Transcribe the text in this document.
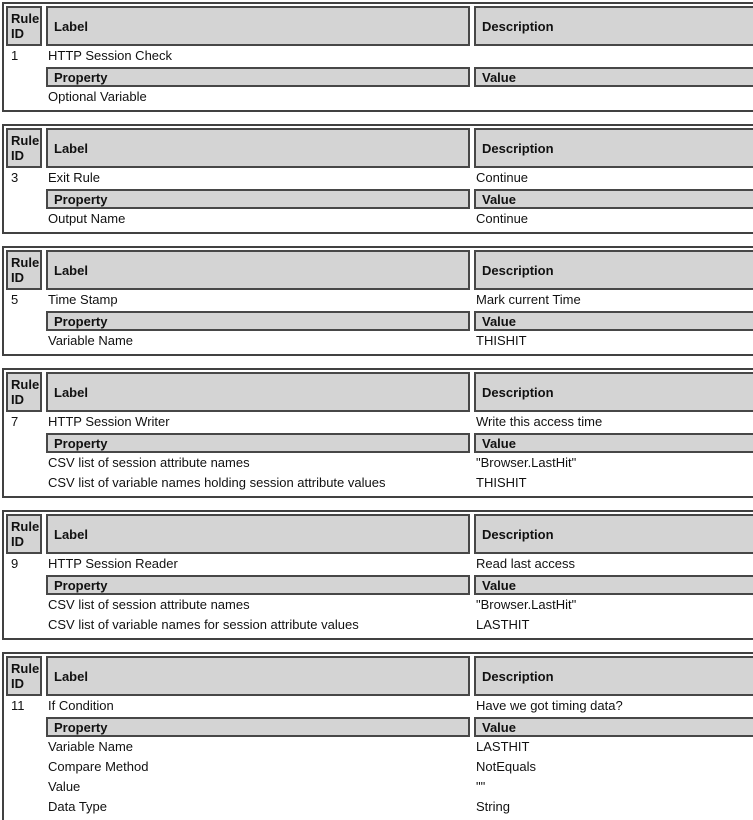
Rule ID	Label	Description
1	HTTP Session Check
Property	Value
Optional Variable
Rule ID	Label	Description
3	Exit Rule	Continue
Property	Value
Output Name	Continue
Rule ID	Label	Description
5	Time Stamp	Mark current Time
Property	Value
Variable Name	THISHIT
Rule ID	Label	Description
7	HTTP Session Writer	Write this access time
Property	Value
CSV list of session attribute names	"Browser.LastHit"
CSV list of variable names holding session attribute values	THISHIT
Rule ID	Label	Description
9	HTTP Session Reader	Read last access
Property	Value
CSV list of session attribute names	"Browser.LastHit"
CSV list of variable names for session attribute values	LASTHIT
Rule ID	Label	Description
11	If Condition	Have we got timing data?
Property	Value
Variable Name	LASTHIT
Compare Method	NotEquals
Value	""
Data Type	String
